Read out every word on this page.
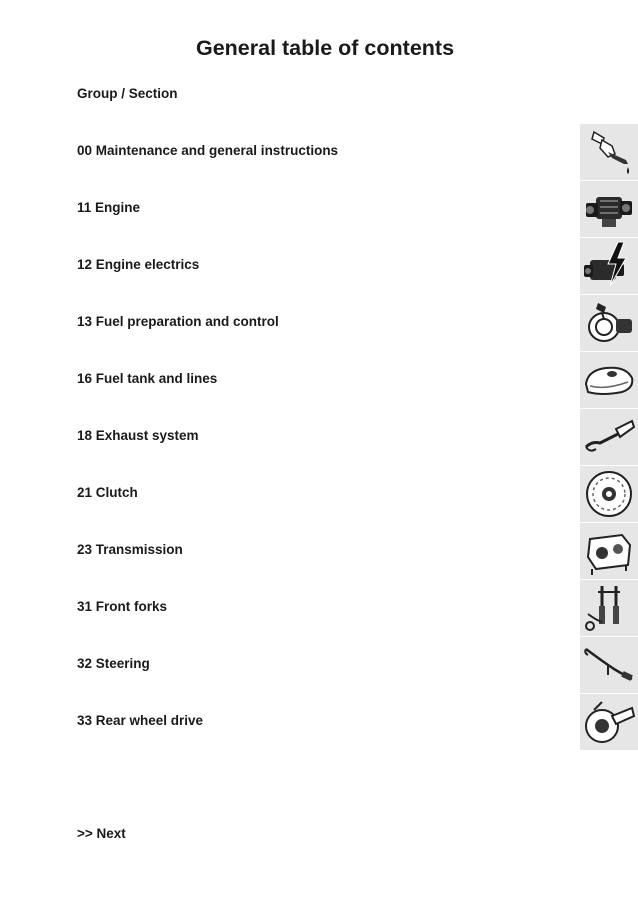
General table of contents
Group / Section
00 Maintenance and general instructions
11 Engine
12 Engine electrics
13 Fuel preparation and control
16 Fuel tank and lines
18 Exhaust system
21 Clutch
23 Transmission
31 Front forks
32 Steering
33 Rear wheel drive
>> Next
